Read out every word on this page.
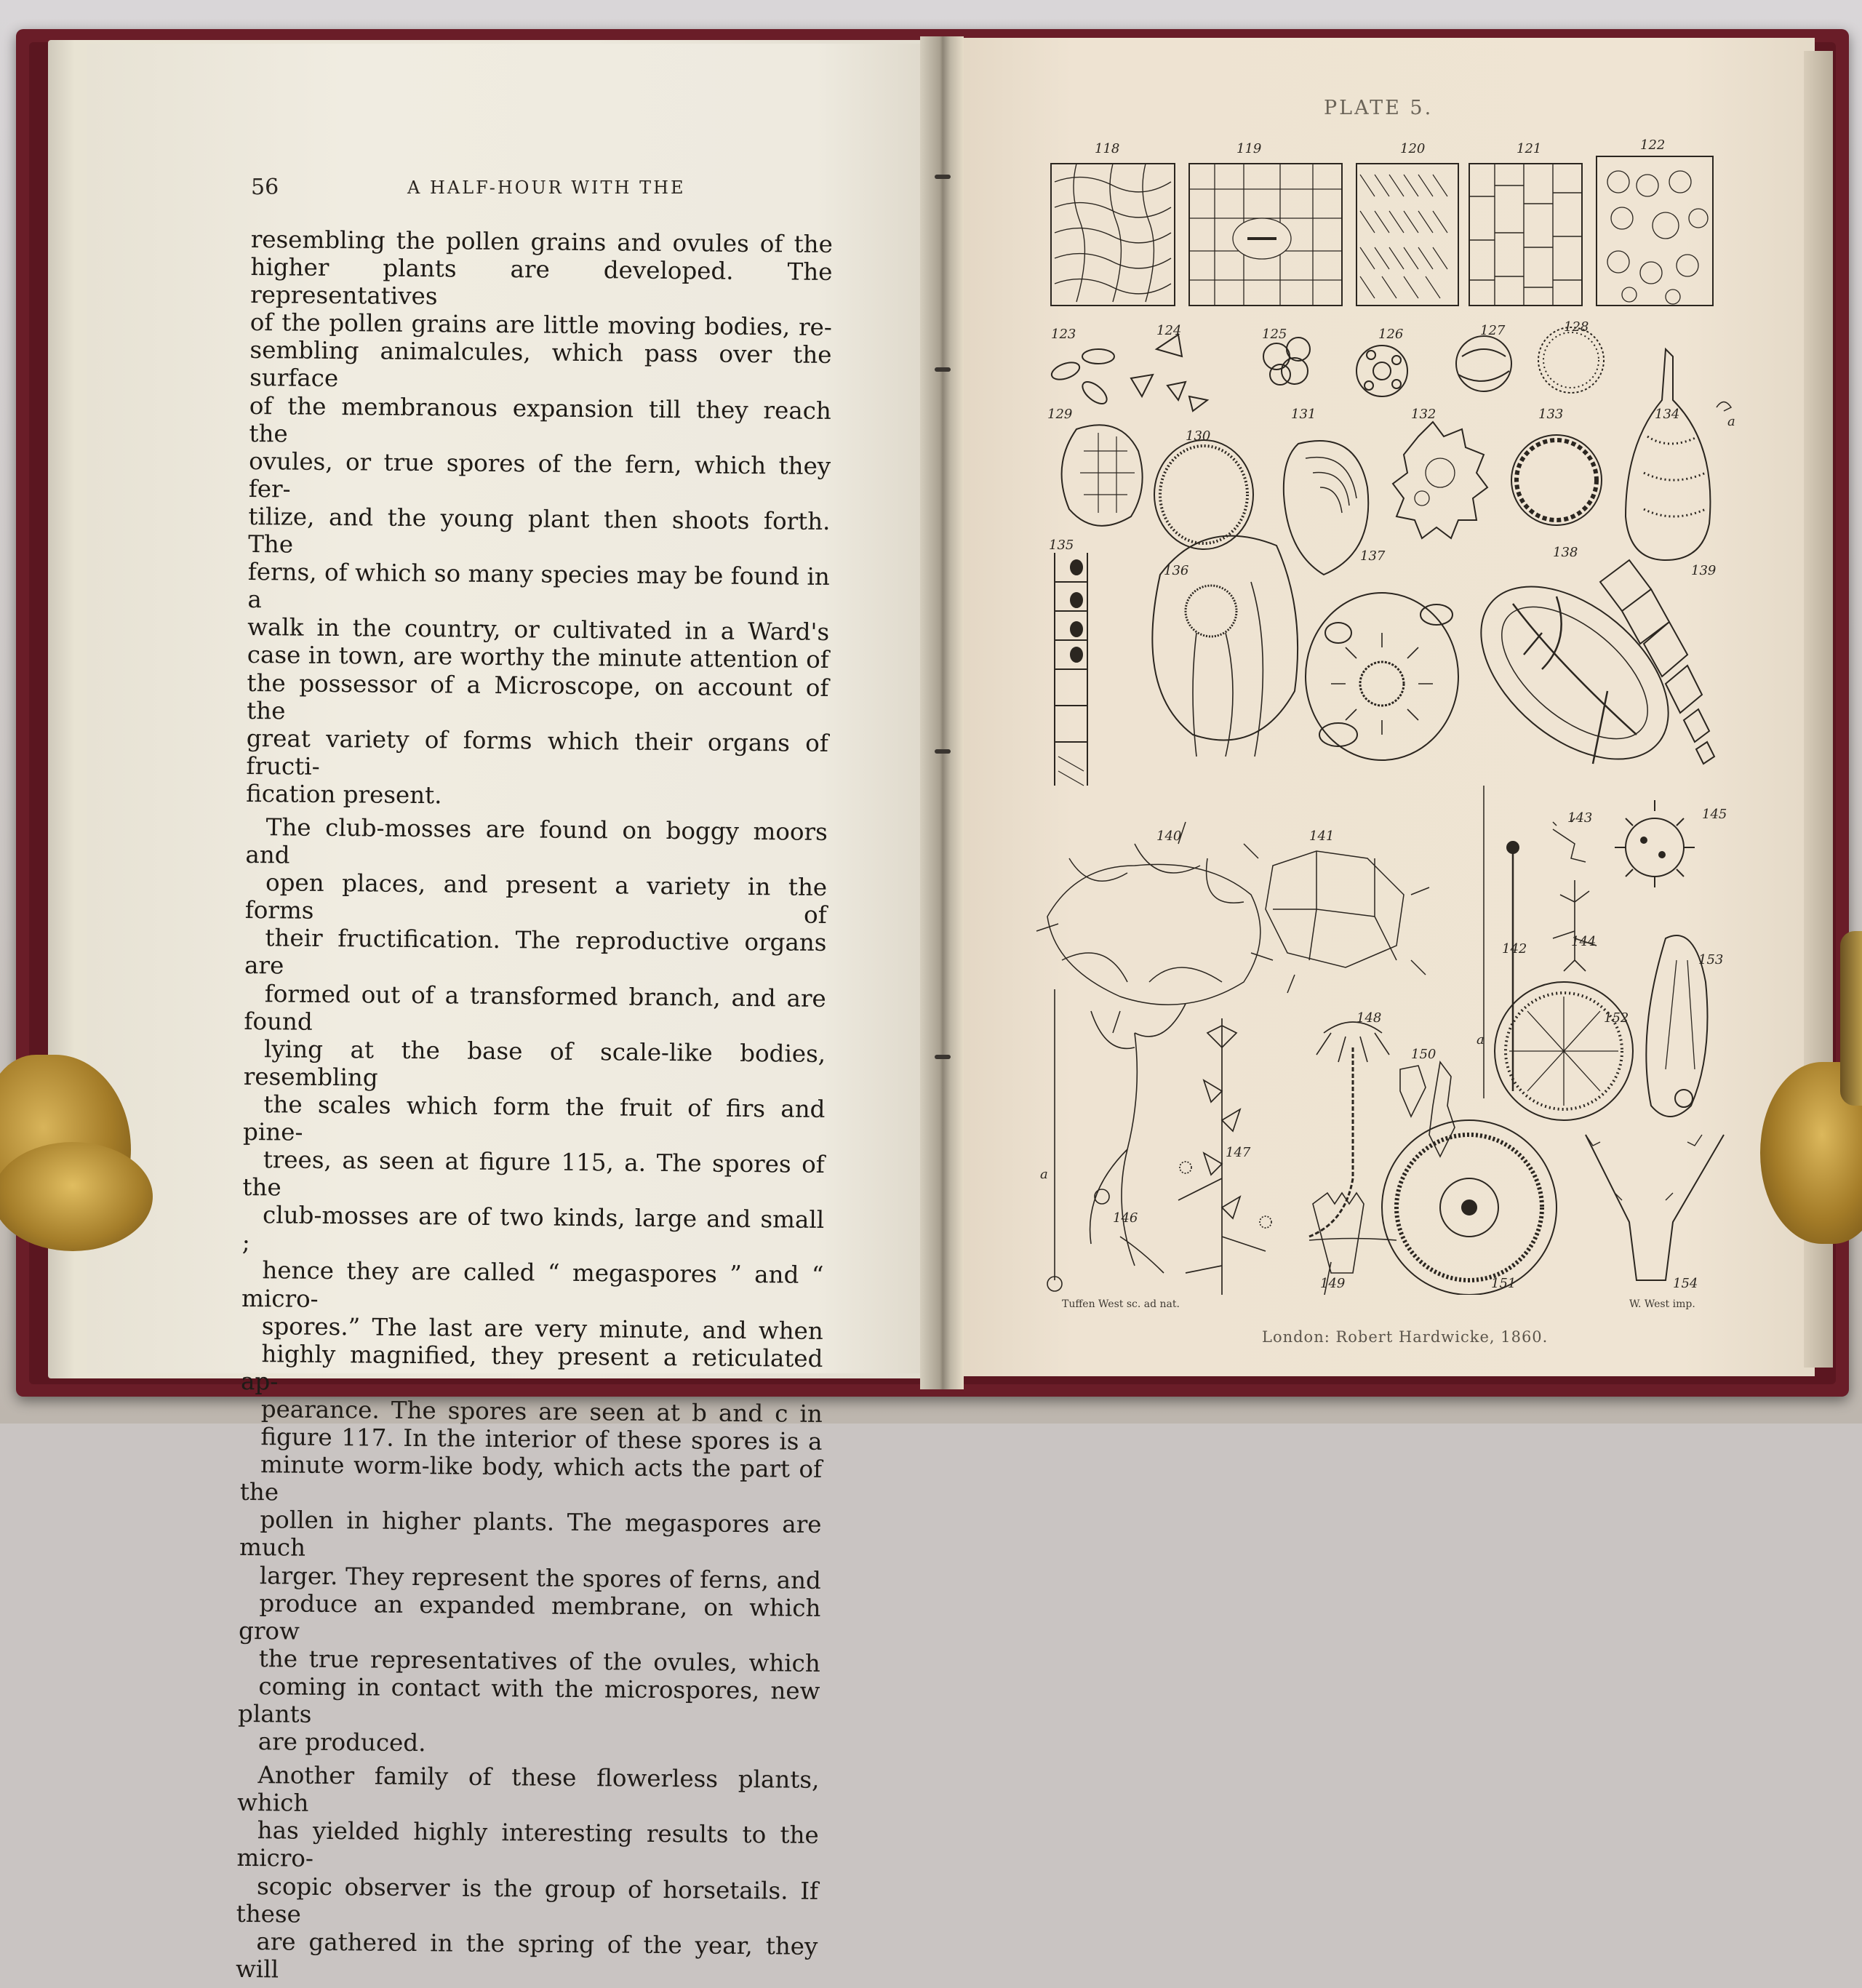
56	A HALF-HOUR WITH THE

resembling the pollen grains and ovules of the
higher plants are developed. The representatives
of the pollen grains are little moving bodies, re-
sembling animalcules, which pass over the surface
of the membranous expansion till they reach the
ovules, or true spores of the fern, which they fer-
tilize, and the young plant then shoots forth. The
ferns, of which so many species may be found in a
walk in the country, or cultivated in a Ward's
case in town, are worthy the minute attention of
the possessor of a Microscope, on account of the
great variety of forms which their organs of fructi-
fication present.

The club-mosses are found on boggy moors and
open places, and present a variety in the forms of
their fructification. The reproductive organs are
formed out of a transformed branch, and are found
lying at the base of scale-like bodies, resembling
the scales which form the fruit of firs and pine-
trees, as seen at figure 115, a. The spores of the
club-mosses are of two kinds, large and small ;
hence they are called “ megaspores ” and “ micro-
spores.” The last are very minute, and when
highly magnified, they present a reticulated ap-
pearance. The spores are seen at b and c in
figure 117. In the interior of these spores is a
minute worm-like body, which acts the part of the
pollen in higher plants. The megaspores are much
larger. They represent the spores of ferns, and
produce an expanded membrane, on which grow
the true representatives of the ovules, which
coming in contact with the microspores, new plants
are produced.

Another family of these flowerless plants, which
has yielded highly interesting results to the micro-
scopic observer is the group of horsetails. If these
are gathered in the spring of the year, they will

PLATE 5.
118	119	120	121	122
123	124	125	126	127	128
129
130
131	132	133	134
135
136
137	138
139
140	141
142
143
144
145
146
147
148
149
150
151
152
153
154
a
a
a
Tuffen West sc. ad nat.	W. West imp.
London: Robert Hardwicke, 1860.
